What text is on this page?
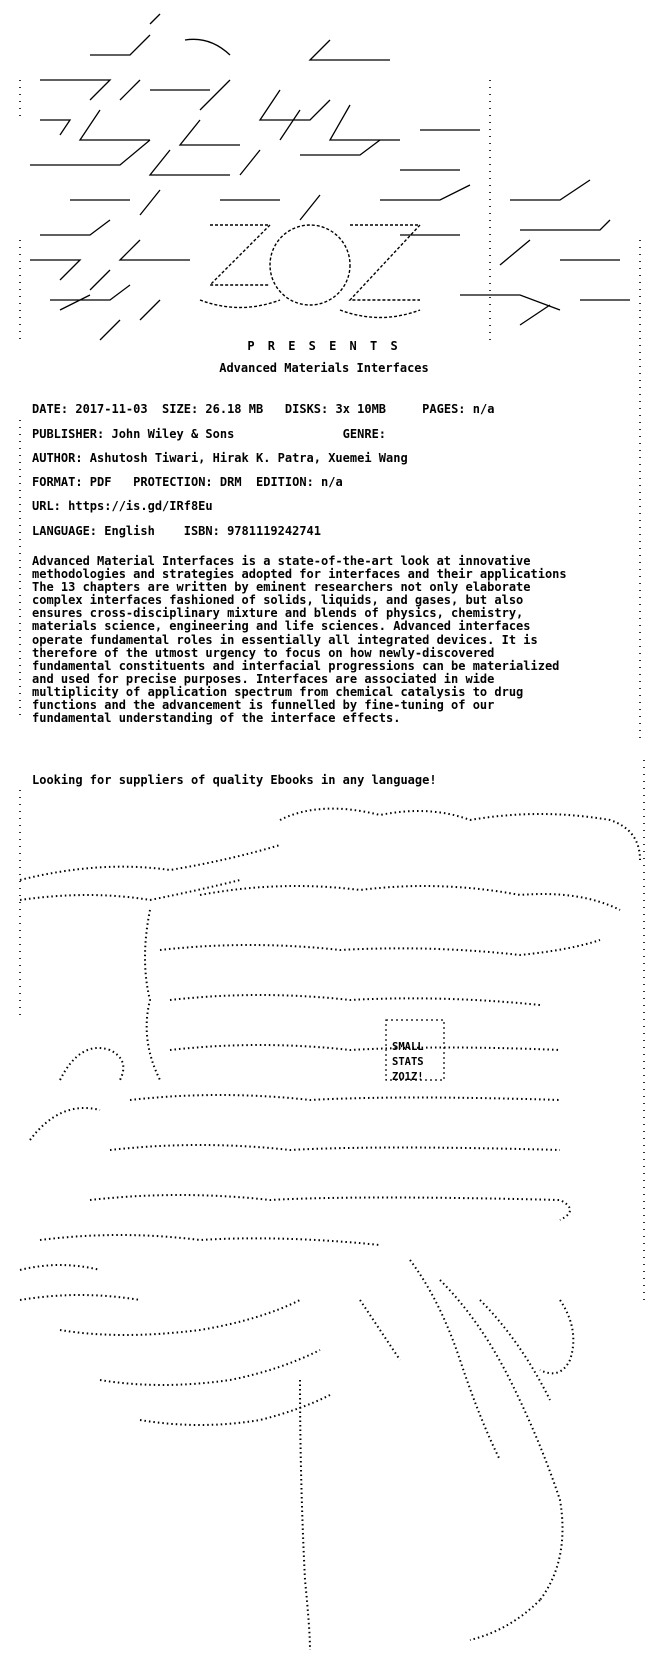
P R E S E N T S
Advanced Materials Interfaces
DATE: 2017-11-03 SIZE: 26.18 MB DISKS: 3x 10MB	PAGES: n/a
PUBLISHER: John Wiley & Sons	GENRE:
AUTHOR: Ashutosh Tiwari, Hirak K. Patra, Xuemei Wang
FORMAT: PDF PROTECTION: DRM EDITION: n/a
URL: https://is.gd/IRf8Eu
LANGUAGE: English ISBN: 9781119242741
Advanced Material Interfaces is a state-of-the-art look at innovative
methodologies and strategies adopted for interfaces and their applications
The 13 chapters are written by eminent researchers not only elaborate
complex interfaces fashioned of solids, liquids, and gases, but also
ensures cross-disciplinary mixture and blends of physics, chemistry,
materials science, engineering and life sciences. Advanced interfaces
operate fundamental roles in essentially all integrated devices. It is
therefore of the utmost urgency to focus on how newly-discovered
fundamental constituents and interfacial progressions can be materialized
and used for precise purposes. Interfaces are associated in wide
multiplicity of application spectrum from chemical catalysis to drug
functions and the advancement is funnelled by fine-tuning of our
fundamental understanding of the interface effects.
Looking for suppliers of quality Ebooks in any language!
SMALL
STATS
ZO1Z!
